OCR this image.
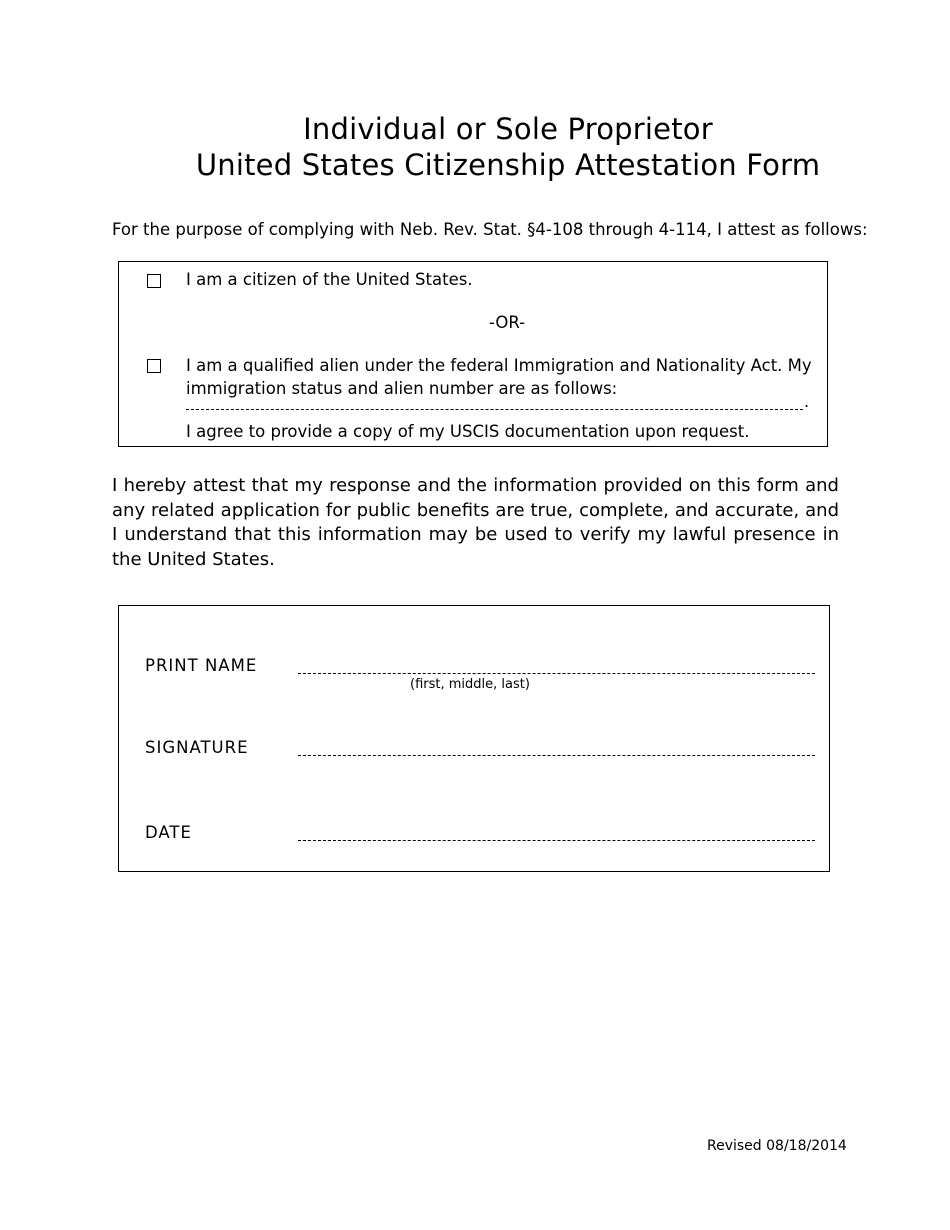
Individual or Sole Proprietor
United States Citizenship Attestation Form
For the purpose of complying with Neb. Rev. Stat. §4-108 through 4-114, I attest as follows:
I am a citizen of the United States.
-OR-
I am a qualified alien under the federal Immigration and Nationality Act. My
immigration status and alien number are as follows:
.
I agree to provide a copy of my USCIS documentation upon request.
I hereby attest that my response and the information provided on this form and any related application for public benefits are true, complete, and accurate, and I understand that this information may be used to verify my lawful presence in the United States.
PRINT NAME
(first, middle, last)
SIGNATURE
DATE
Revised 08/18/2014
